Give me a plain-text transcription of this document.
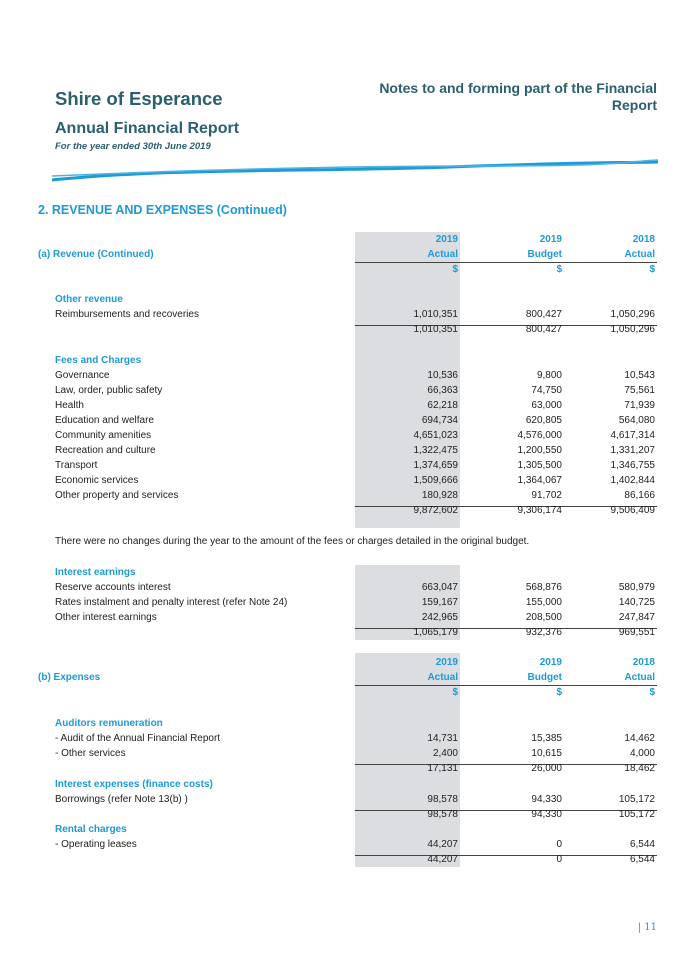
Shire of Esperance
Annual Financial Report
For the year ended 30th June 2019
Notes to and forming part of the Financial Report
2. REVENUE AND EXPENSES (Continued)
(a) Revenue (Continued)
2019
Actual
$
2019
Budget
$
2018
Actual
$
Other revenue
Reimbursements and recoveries	1,010,351	800,427	1,050,296
1,010,351	800,427	1,050,296
Fees and Charges
Governance	10,536	9,800	10,543
Law, order, public safety	66,363	74,750	75,561
Health	62,218	63,000	71,939
Education and welfare	694,734	620,805	564,080
Community amenities	4,651,023	4,576,000	4,617,314
Recreation and culture	1,322,475	1,200,550	1,331,207
Transport	1,374,659	1,305,500	1,346,755
Economic services	1,509,666	1,364,067	1,402,844
Other property and services	180,928	91,702	86,166
9,872,602	9,306,174	9,506,409
There were no changes during the year to the amount of the fees or charges detailed in the original budget.
Interest earnings
Reserve accounts interest	663,047	568,876	580,979
Rates instalment and penalty interest (refer Note 24)	159,167	155,000	140,725
Other interest earnings	242,965	208,500	247,847
1,065,179	932,376	969,551
(b) Expenses
2019
Actual
$
2019
Budget
$
2018
Actual
$
Auditors remuneration
- Audit of the Annual Financial Report	14,731	15,385	14,462
- Other services	2,400	10,615	4,000
17,131	26,000	18,462
Interest expenses (finance costs)
Borrowings (refer Note 13(b) )	98,578	94,330	105,172
98,578	94,330	105,172
Rental charges
- Operating leases	44,207	0	6,544
44,207	0	6,544
| 11
